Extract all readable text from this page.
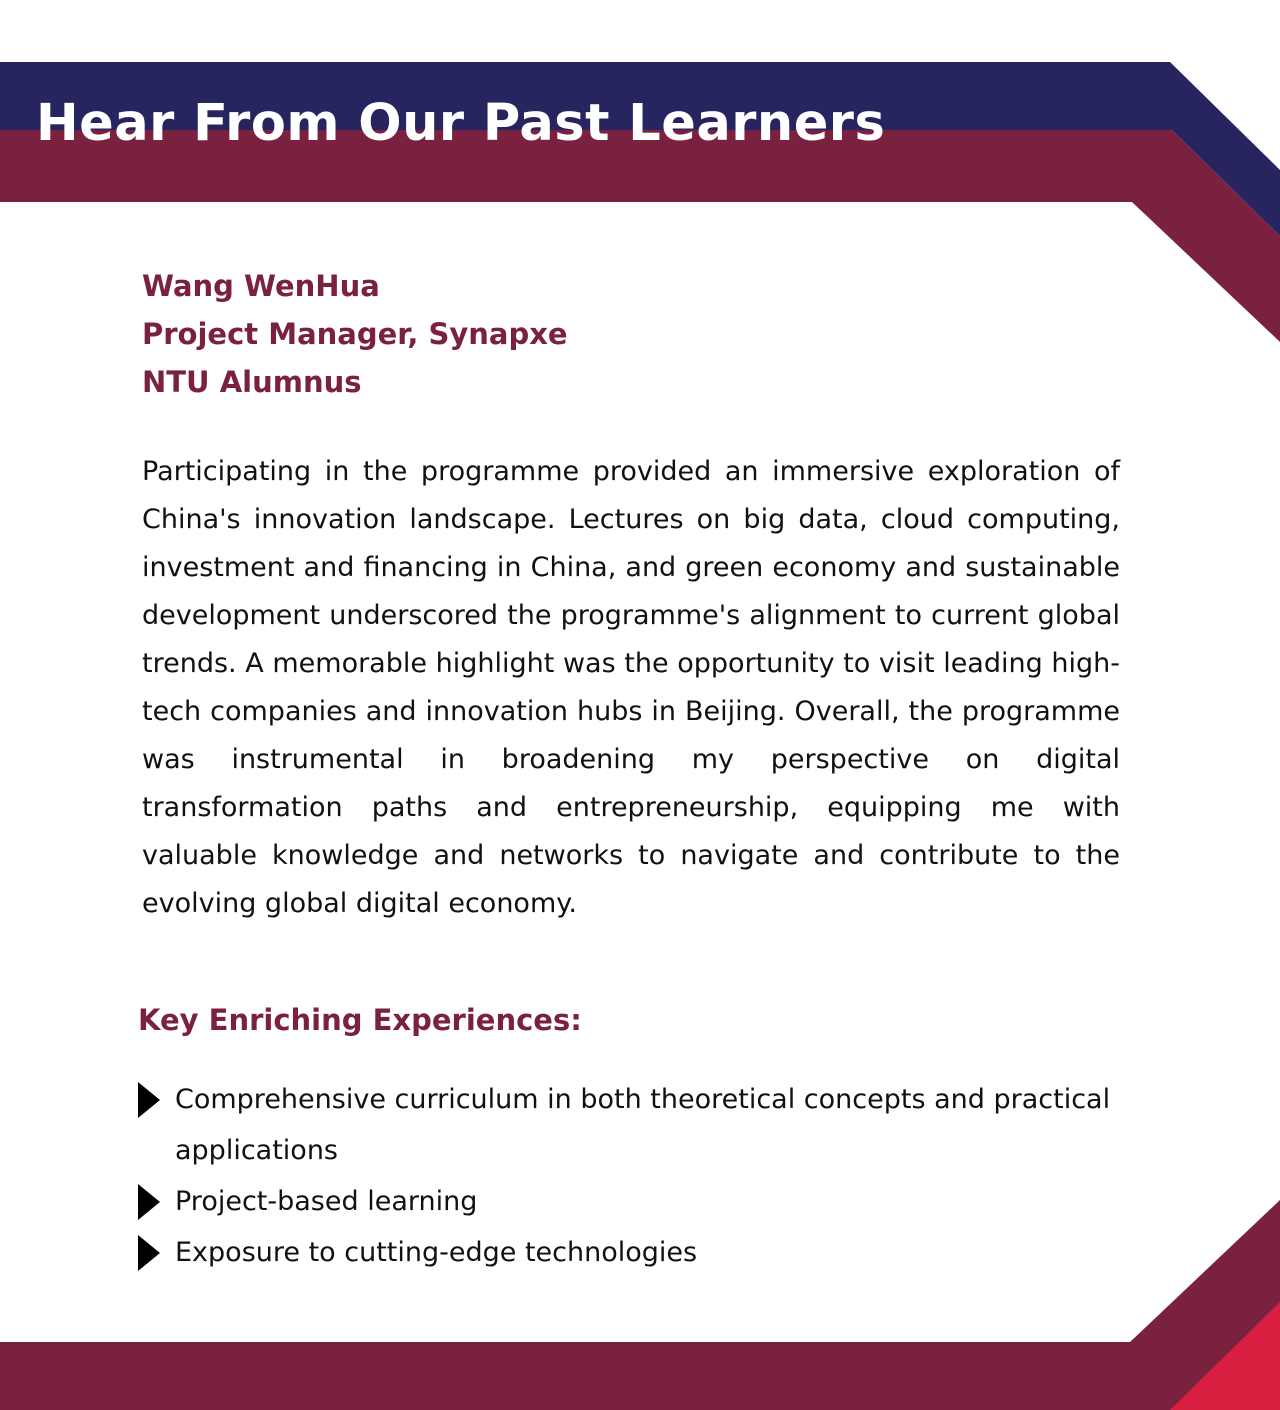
Hear From Our Past Learners
Wang WenHua
Project Manager, Synapxe
NTU Alumnus

Participating in the programme provided an immersive exploration of China's innovation landscape. Lectures on big data, cloud computing, investment and financing in China, and green economy and sustainable development underscored the programme's alignment to current global trends. A memorable highlight was the opportunity to visit leading high-tech companies and innovation hubs in Beijing. Overall, the programme was instrumental in broadening my perspective on digital transformation paths and entrepreneurship, equipping me with valuable knowledge and networks to navigate and contribute to the evolving global digital economy.

Key Enriching Experiences:
Comprehensive curriculum in both theoretical concepts and practical applications
Project-based learning
Exposure to cutting-edge technologies
